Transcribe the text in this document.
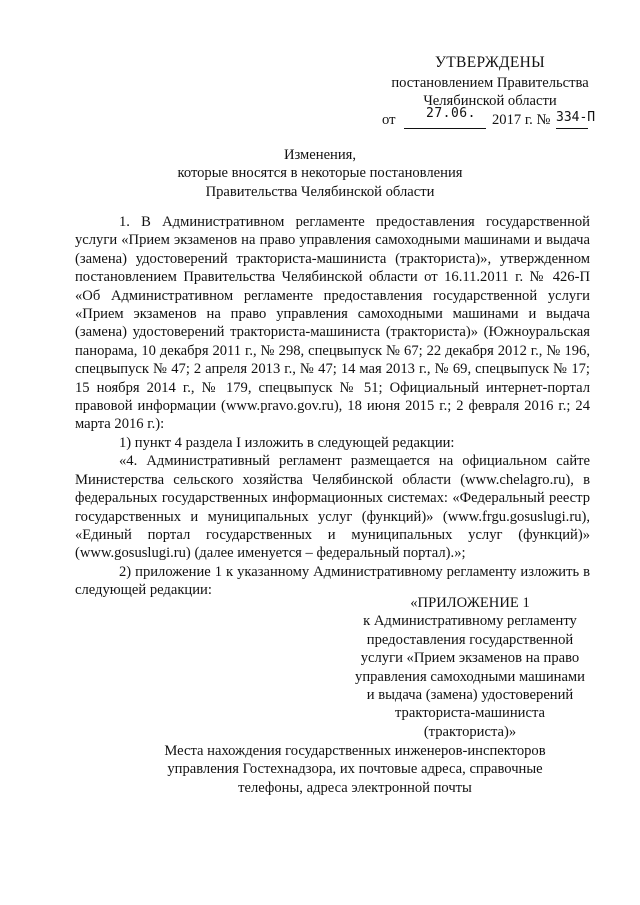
УТВЕРЖДЕНЫ
постановлением Правительства
Челябинской области
от 27.06. 2017 г. № 334-П
Изменения,
которые вносятся в некоторые постановления
Правительства Челябинской области

1. В Административном регламенте предоставления государственной услуги «Прием экзаменов на право управления самоходными машинами и выдача (замена) удостоверений тракториста-машиниста (тракториста)», утвержденном постановлением Правительства Челябинской области от 16.11.2011 г. № 426-П «Об Административном регламенте предоставления государственной услуги «Прием экзаменов на право управления самоходными машинами и выдача (замена) удостоверений тракториста-машиниста (тракториста)» (Южноуральская панорама, 10 декабря 2011 г., № 298, спецвыпуск № 67; 22 декабря 2012 г., № 196, спецвыпуск № 47; 2 апреля 2013 г., № 47; 14 мая 2013 г., № 69, спецвыпуск № 17; 15 ноября 2014 г., № 179, спецвыпуск № 51; Официальный интернет-портал правовой информации (www.pravo.gov.ru), 18 июня 2015 г.; 2 февраля 2016 г.; 24 марта 2016 г.):

1) пункт 4 раздела I изложить в следующей редакции:

«4. Административный регламент размещается на официальном сайте Министерства сельского хозяйства Челябинской области (www.chelagro.ru), в федеральных государственных информационных системах: «Федеральный реестр государственных и муниципальных услуг (функций)» (www.frgu.gosuslugi.ru), «Единый портал государственных и муниципальных услуг (функций)» (www.gosuslugi.ru) (далее именуется – федеральный портал).»;

2) приложение 1 к указанному Административному регламенту изложить в следующей редакции:

«ПРИЛОЖЕНИЕ 1
к Административному регламенту
предоставления государственной
услуги «Прием экзаменов на право
управления самоходными машинами
и выдача (замена) удостоверений
тракториста-машиниста
(тракториста)»
Места нахождения государственных инженеров-инспекторов
управления Гостехнадзора, их почтовые адреса, справочные
телефоны, адреса электронной почты
